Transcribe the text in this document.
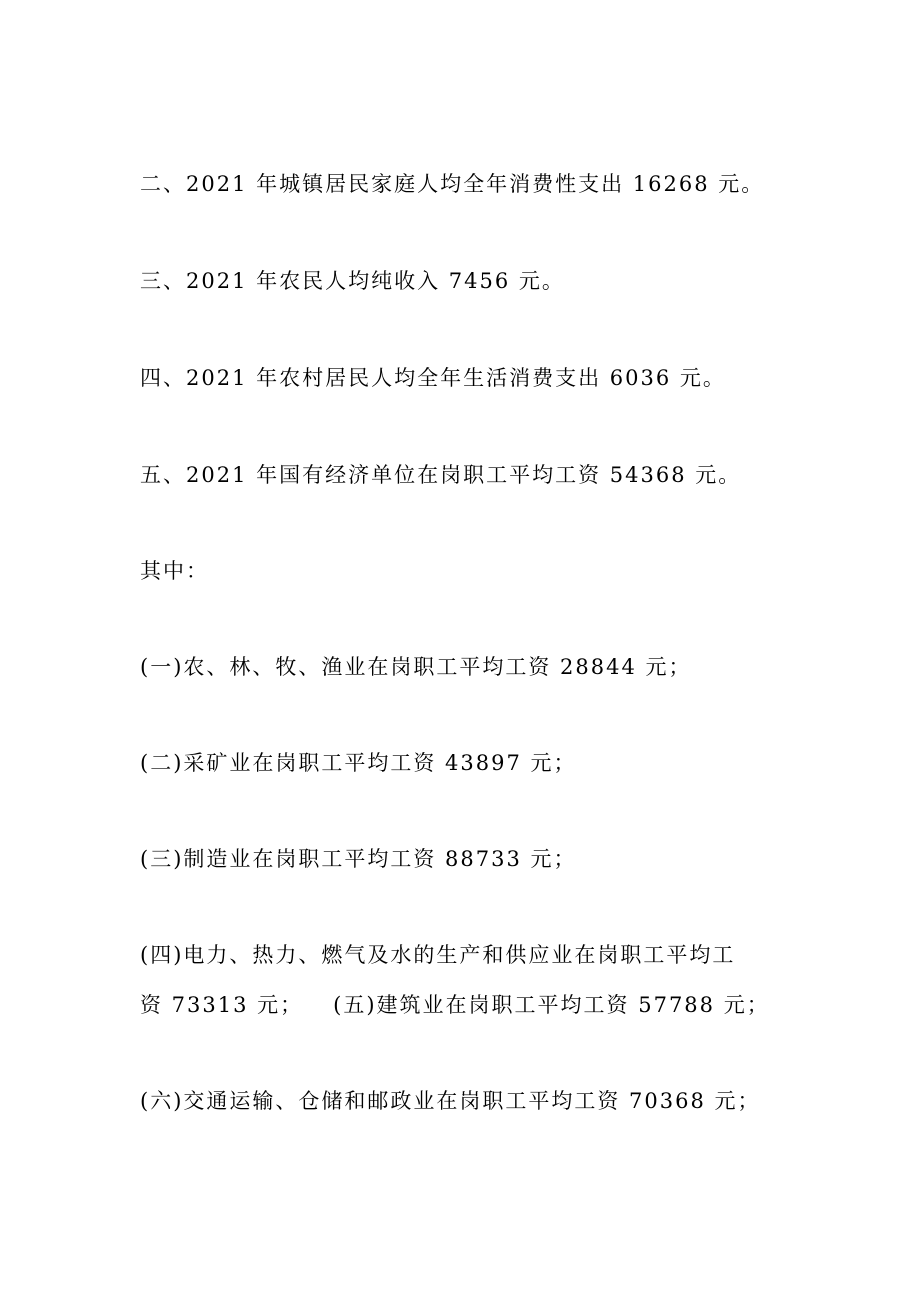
二、2021 年城镇居民家庭人均全年消费性支出 16268 元。
三、2021 年农民人均纯收入 7456 元。
四、2021 年农村居民人均全年生活消费支出 6036 元。
五、2021 年国有经济单位在岗职工平均工资 54368 元。
其中：
(一)农、林、牧、渔业在岗职工平均工资 28844 元；
(二)采矿业在岗职工平均工资 43897 元；
(三)制造业在岗职工平均工资 88733 元；
(四)电力、热力、燃气及水的生产和供应业在岗职工平均工
资 73313 元； (五)建筑业在岗职工平均工资 57788 元；
(六)交通运输、仓储和邮政业在岗职工平均工资 70368 元；
